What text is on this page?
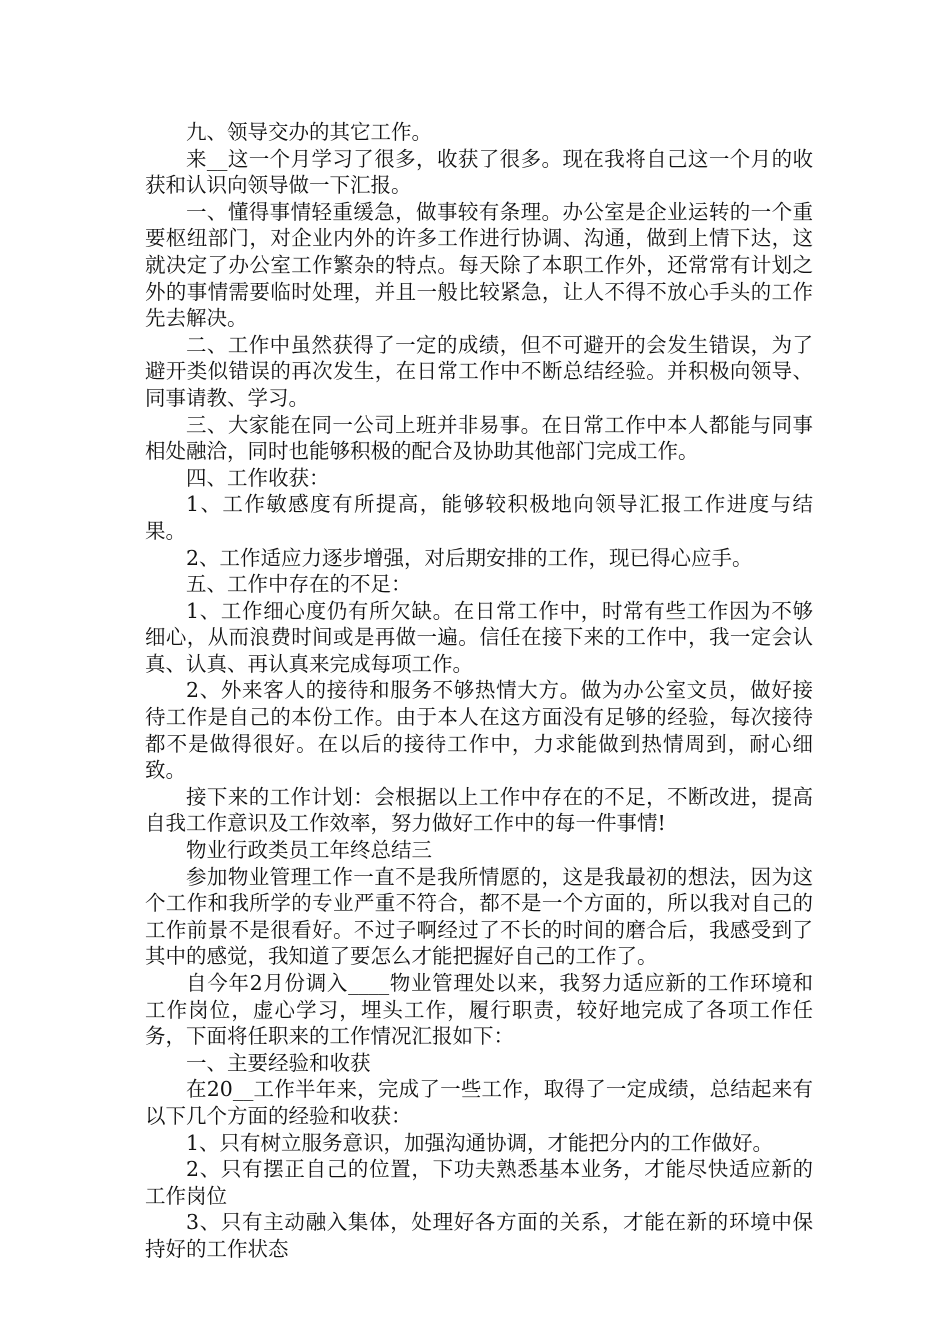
九、领导交办的其它工作。

来__这一个月学习了很多，收获了很多。现在我将自己这一个月的收获和认识向领导做一下汇报。

一、懂得事情轻重缓急，做事较有条理。办公室是企业运转的一个重要枢纽部门，对企业内外的许多工作进行协调、沟通，做到上情下达，这就决定了办公室工作繁杂的特点。每天除了本职工作外，还常常有计划之外的事情需要临时处理，并且一般比较紧急，让人不得不放心手头的工作先去解决。

二、工作中虽然获得了一定的成绩，但不可避开的会发生错误，为了避开类似错误的再次发生，在日常工作中不断总结经验。并积极向领导、同事请教、学习。

三、大家能在同一公司上班并非易事。在日常工作中本人都能与同事相处融洽，同时也能够积极的配合及协助其他部门完成工作。

四、工作收获：

1、工作敏感度有所提高，能够较积极地向领导汇报工作进度与结果。

2、工作适应力逐步增强，对后期安排的工作，现已得心应手。

五、工作中存在的不足：

1、工作细心度仍有所欠缺。在日常工作中，时常有些工作因为不够细心，从而浪费时间或是再做一遍。信任在接下来的工作中，我一定会认真、认真、再认真来完成每项工作。

2、外来客人的接待和服务不够热情大方。做为办公室文员，做好接待工作是自己的本份工作。由于本人在这方面没有足够的经验，每次接待都不是做得很好。在以后的接待工作中，力求能做到热情周到，耐心细致。

接下来的工作计划：会根据以上工作中存在的不足，不断改进，提高自我工作意识及工作效率，努力做好工作中的每一件事情!

物业行政类员工年终总结三

参加物业管理工作一直不是我所情愿的，这是我最初的想法，因为这个工作和我所学的专业严重不符合，都不是一个方面的，所以我对自己的工作前景不是很看好。不过子啊经过了不长的时间的磨合后，我感受到了其中的感觉，我知道了要怎么才能把握好自己的工作了。

自今年2月份调入____物业管理处以来，我努力适应新的工作环境和工作岗位，虚心学习，埋头工作，履行职责，较好地完成了各项工作任务，下面将任职来的工作情况汇报如下：

一、主要经验和收获

在20__工作半年来，完成了一些工作，取得了一定成绩，总结起来有以下几个方面的经验和收获：

1、只有树立服务意识，加强沟通协调，才能把分内的工作做好。

2、只有摆正自己的位置，下功夫熟悉基本业务，才能尽快适应新的工作岗位

3、只有主动融入集体，处理好各方面的关系，才能在新的环境中保持好的工作状态
